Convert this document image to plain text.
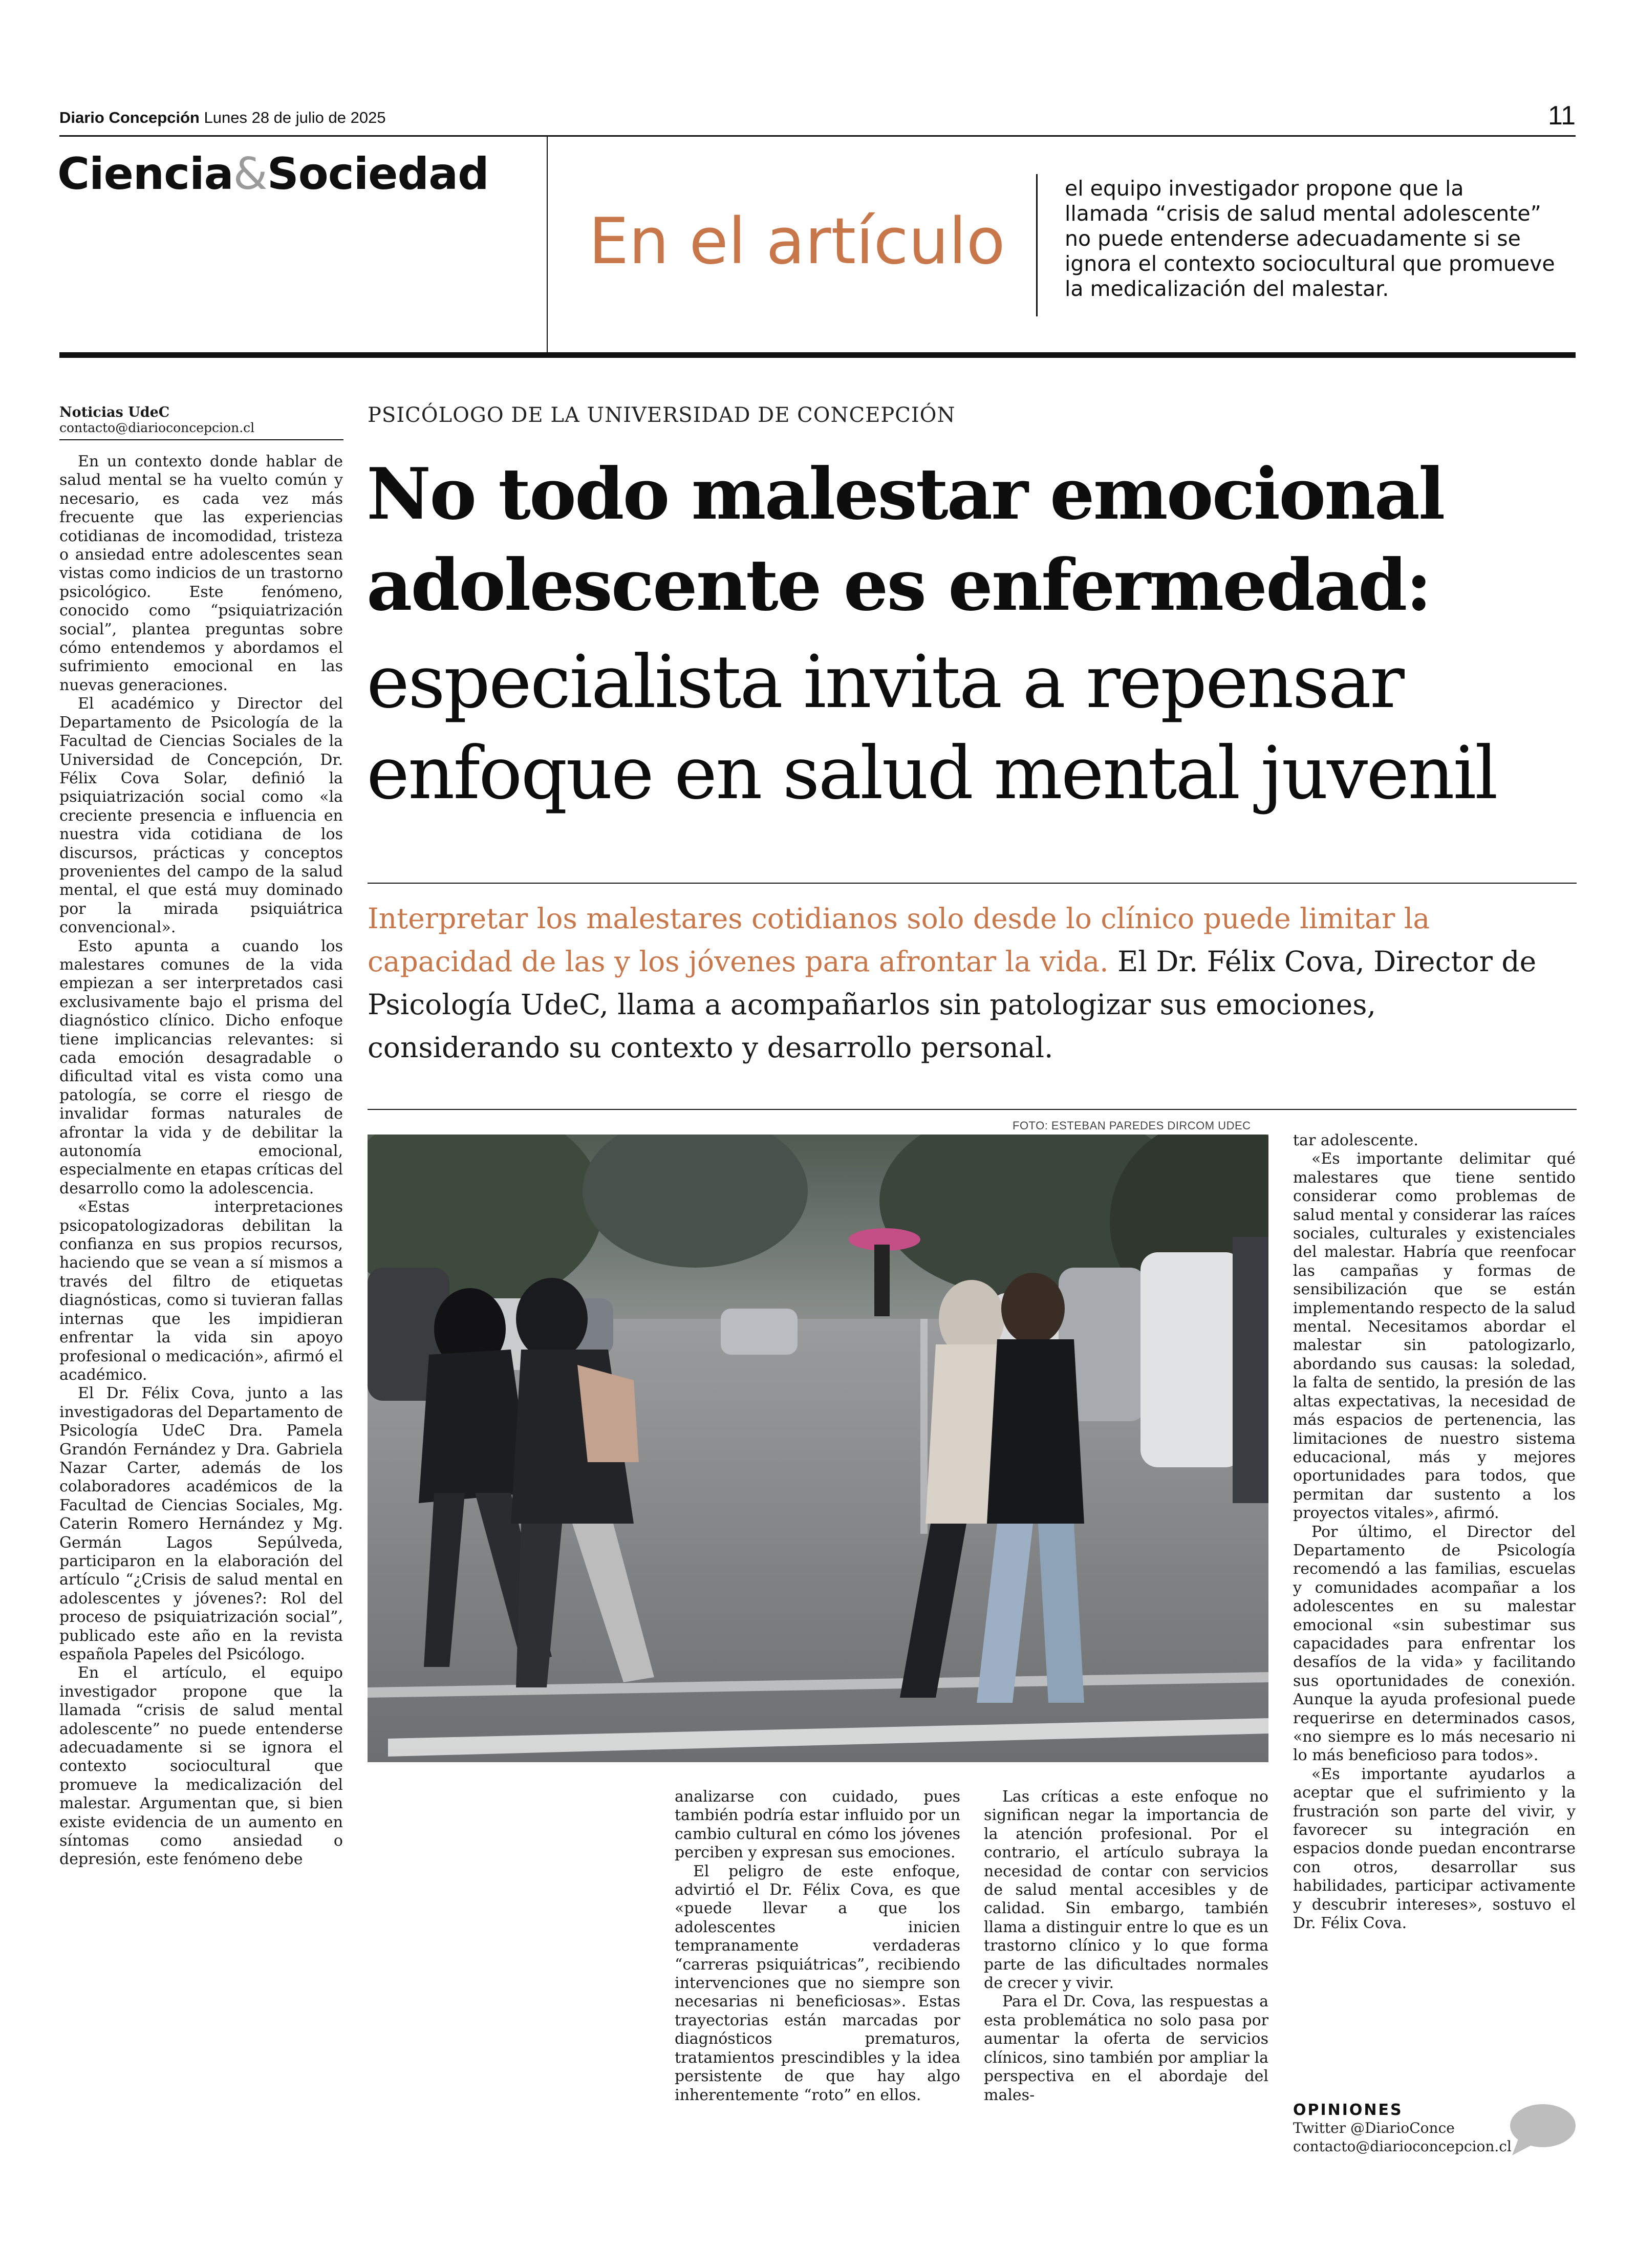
Diario Concepción Lunes 28 de julio de 2025	11
Ciencia&Sociedad
En el artículo
el equipo investigador propone que la
llamada “crisis de salud mental adolescente”
no puede entenderse adecuadamente si se
ignora el contexto sociocultural que promueve
la medicalización del malestar.
Noticias UdeC
contacto@diarioconcepcion.cl

En un contexto donde hablar de salud mental se ha vuelto común y necesario, es cada vez más frecuente que las experiencias cotidianas de incomodidad, tristeza o ansiedad entre adolescentes sean vistas como indicios de un trastorno psicológico. Este fenómeno, conocido como “psiquiatrización social”, plantea preguntas sobre cómo entendemos y abordamos el sufrimiento emocional en las nuevas generaciones.

El académico y Director del Departamento de Psicología de la Facultad de Ciencias Sociales de la Universidad de Concepción, Dr. Félix Cova Solar, definió la psiquiatrización social como «la creciente presencia e influencia en nuestra vida cotidiana de los discursos, prácticas y conceptos provenientes del campo de la salud mental, el que está muy dominado por la mirada psiquiátrica convencional».

Esto apunta a cuando los malestares comunes de la vida empiezan a ser interpretados casi exclusivamente bajo el prisma del diagnóstico clínico. Dicho enfoque tiene implicancias relevantes: si cada emoción desagradable o dificultad vital es vista como una patología, se corre el riesgo de invalidar formas naturales de afrontar la vida y de debilitar la autonomía emocional, especialmente en etapas críticas del desarrollo como la adolescencia.

«Estas interpretaciones psicopatologizadoras debilitan la confianza en sus propios recursos, haciendo que se vean a sí mismos a través del filtro de etiquetas diagnósticas, como si tuvieran fallas internas que les impidieran enfrentar la vida sin apoyo profesional o medicación», afirmó el académico.

El Dr. Félix Cova, junto a las investigadoras del Departamento de Psicología UdeC Dra. Pamela Grandón Fernández y Dra. Gabriela Nazar Carter, además de los colaboradores académicos de la Facultad de Ciencias Sociales, Mg. Caterin Romero Hernández y Mg. Germán Lagos Sepúlveda, participaron en la elaboración del artículo “¿Crisis de salud mental en adolescentes y jóvenes?: Rol del proceso de psiquiatrización social”, publicado este año en la revista española Papeles del Psicólogo.

En el artículo, el equipo investigador propone que la llamada “crisis de salud mental adolescente” no puede entenderse adecuadamente si se ignora el contexto sociocultural que promueve la medicalización del malestar. Argumentan que, si bien existe evidencia de un aumento en síntomas como ansiedad o depresión, este fenómeno debe

PSICÓLOGO DE LA UNIVERSIDAD DE CONCEPCIÓN
No todo malestar emocional
adolescente es enfermedad:
especialista invita a repensar
enfoque en salud mental juvenil
Interpretar los malestares cotidianos solo desde lo clínico puede limitar la capacidad de las y los jóvenes para afrontar la vida. El Dr. Félix Cova, Director de Psicología UdeC, llama a acompañarlos sin patologizar sus emociones, considerando su contexto y desarrollo personal.
FOTO: ESTEBAN PAREDES DIRCOM UDEC

analizarse con cuidado, pues también podría estar influido por un cambio cultural en cómo los jóvenes perciben y expresan sus emociones.

El peligro de este enfoque, advirtió el Dr. Félix Cova, es que «puede llevar a que los adolescentes inicien tempranamente verdaderas “carreras psiquiátricas”, recibiendo intervenciones que no siempre son necesarias ni beneficiosas». Estas trayectorias están marcadas por diagnósticos prematuros, tratamientos prescindibles y la idea persistente de que hay algo inherentemente “roto” en ellos.

Las críticas a este enfoque no significan negar la importancia de la atención profesional. Por el contrario, el artículo subraya la necesidad de contar con servicios de salud mental accesibles y de calidad. Sin embargo, también llama a distinguir entre lo que es un trastorno clínico y lo que forma parte de las dificultades normales de crecer y vivir.

Para el Dr. Cova, las respuestas a esta problemática no solo pasa por aumentar la oferta de servicios clínicos, sino también por ampliar la perspectiva en el abordaje del males-

tar adolescente.

«Es importante delimitar qué malestares que tiene sentido considerar como problemas de salud mental y considerar las raíces sociales, culturales y existenciales del malestar. Habría que reenfocar las campañas y formas de sensibilización que se están implementando respecto de la salud mental. Necesitamos abordar el malestar sin patologizarlo, abordando sus causas: la soledad, la falta de sentido, la presión de las altas expectativas, la necesidad de más espacios de pertenencia, las limitaciones de nuestro sistema educacional, más y mejores oportunidades para todos, que permitan dar sustento a los proyectos vitales», afirmó.

Por último, el Director del Departamento de Psicología recomendó a las familias, escuelas y comunidades acompañar a los adolescentes en su malestar emocional «sin subestimar sus capacidades para enfrentar los desafíos de la vida» y facilitando sus oportunidades de conexión. Aunque la ayuda profesional puede requerirse en determinados casos, «no siempre es lo más necesario ni lo más beneficioso para todos».

«Es importante ayudarlos a aceptar que el sufrimiento y la frustración son parte del vivir, y favorecer su integración en espacios donde puedan encontrarse con otros, desarrollar sus habilidades, participar activamente y descubrir intereses», sostuvo el Dr. Félix Cova.

OPINIONES
Twitter @DiarioConce
contacto@diarioconcepcion.cl
